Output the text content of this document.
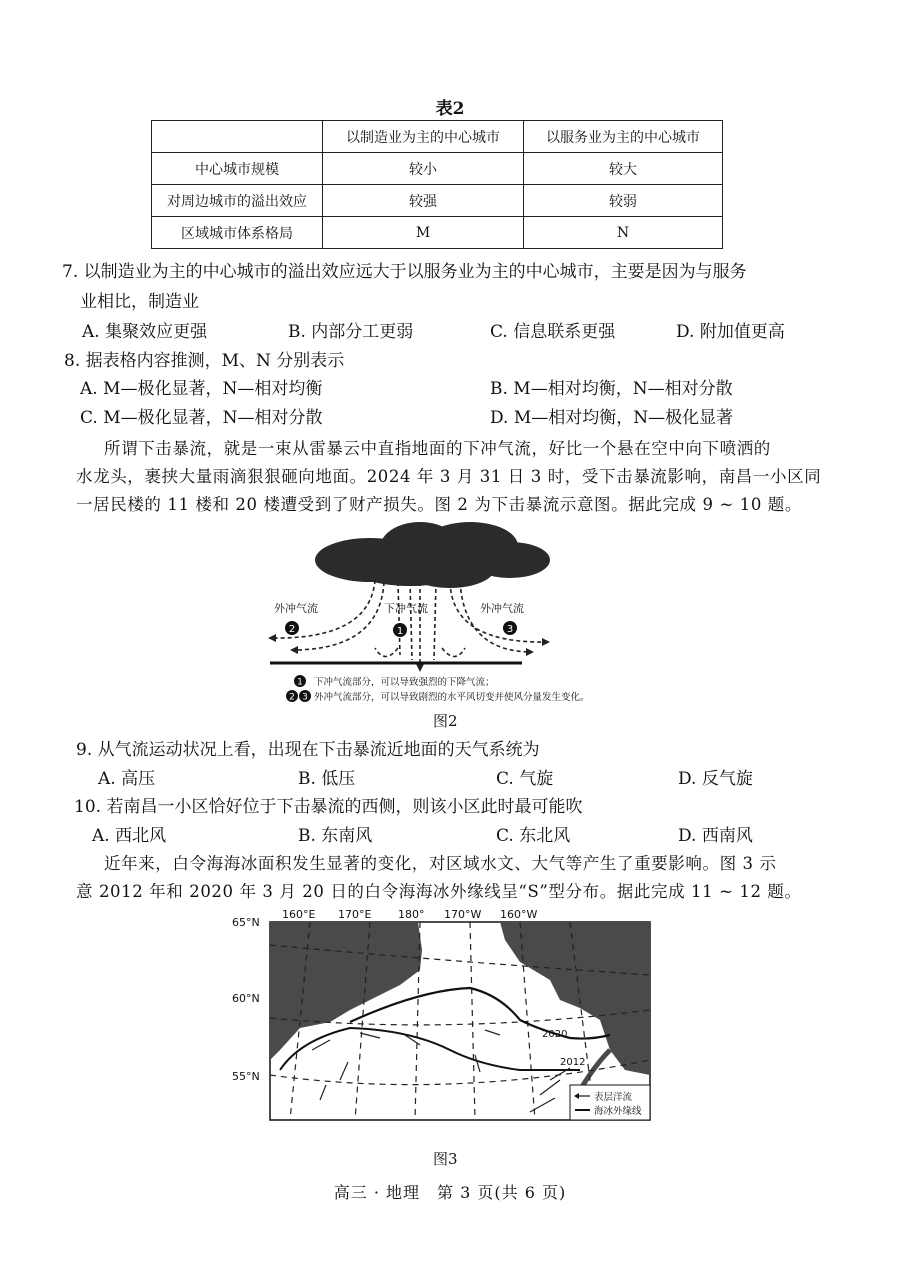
表2
	以制造业为主的中心城市	以服务业为主的中心城市
中心城市规模	较小	较大
对周边城市的溢出效应	较强	较弱
区域城市体系格局	M	N
7. 以制造业为主的中心城市的溢出效应远大于以服务业为主的中心城市，主要是因为与服务
业相比，制造业
A. 集聚效应更强	B. 内部分工更弱	C. 信息联系更强	D. 附加值更高
8. 据表格内容推测，M、N 分别表示
A. M—极化显著，N—相对均衡	B. M—相对均衡，N—相对分散
C. M—极化显著，N—相对分散	D. M—相对均衡，N—极化显著
所谓下击暴流，就是一束从雷暴云中直指地面的下冲气流，好比一个悬在空中向下喷洒的
水龙头，裹挟大量雨滴狠狠砸向地面。2024 年 3 月 31 日 3 时，受下击暴流影响，南昌一小区同
一居民楼的 11 楼和 20 楼遭受到了财产损失。图 2 为下击暴流示意图。据此完成 9 ~ 10 题。
外冲气流	下冲气流	外冲气流
2	1	3
1 下冲气流部分，可以导致强烈的下降气流；
2 3 外冲气流部分，可以导致剧烈的水平风切变并使风分量发生变化。
图2
9. 从气流运动状况上看，出现在下击暴流近地面的天气系统为
A. 高压	B. 低压	C. 气旋	D. 反气旋
10. 若南昌一小区恰好位于下击暴流的西侧，则该小区此时最可能吹
A. 西北风	B. 东南风	C. 东北风	D. 西南风
近年来，白令海海冰面积发生显著的变化，对区域水文、大气等产生了重要影响。图 3 示
意 2012 年和 2020 年 3 月 20 日的白令海海冰外缘线呈“S”型分布。据此完成 11 ~ 12 题。
2020
2012
160°E 170°E 180° 170°W 160°W
65°N
60°N
55°N
表层洋流
海冰外缘线
图3
高三 · 地理　第 3 页(共 6 页)
